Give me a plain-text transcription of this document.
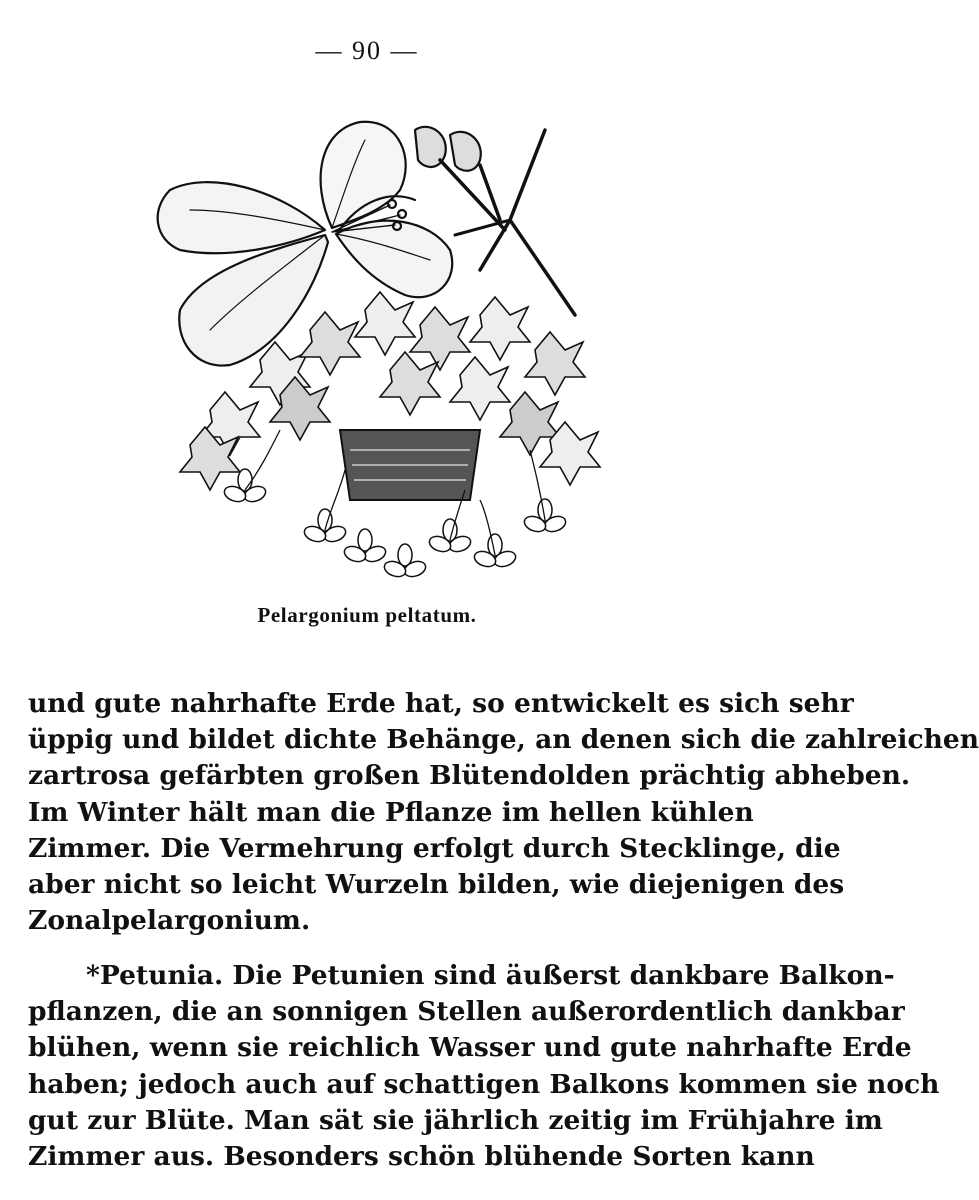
— 90 —
Pelargonium peltatum.
und gute nahrhafte Erde hat, so entwickelt es sich sehr
üppig und bildet dichte Behänge, an denen sich die zahlreichen
zartrosa gefärbten großen Blütendolden prächtig abheben.
Im Winter hält man die Pflanze im hellen kühlen
Zimmer. Die Vermehrung erfolgt durch Stecklinge, die
aber nicht so leicht Wurzeln bilden, wie diejenigen des
Zonalpelargonium.
*Petunia. Die Petunien sind äußerst dankbare Balkon-
pflanzen, die an sonnigen Stellen außerordentlich dankbar
blühen, wenn sie reichlich Wasser und gute nahrhafte Erde
haben; jedoch auch auf schattigen Balkons kommen sie noch
gut zur Blüte. Man sät sie jährlich zeitig im Frühjahre im
Zimmer aus. Besonders schön blühende Sorten kann
